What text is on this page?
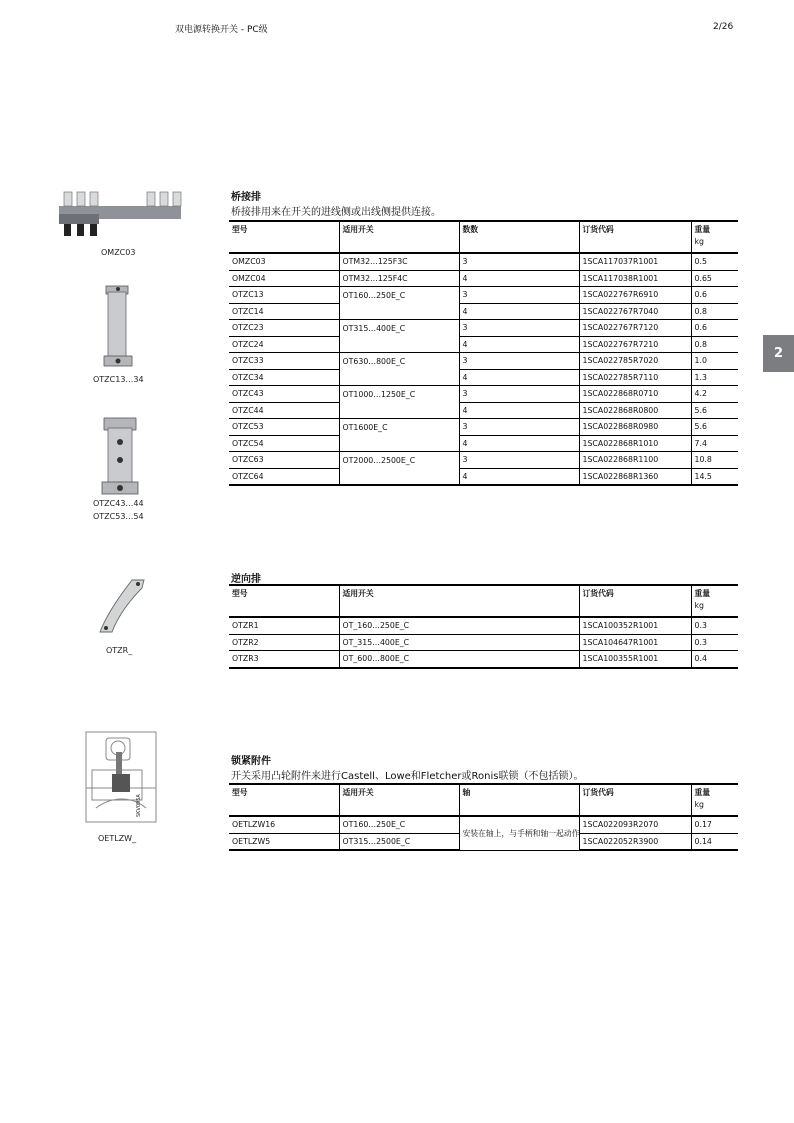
双电源转换开关 - PC级	2/26
2
OMZC03
OTZC13…34
OTZC43…44
OTZC53…54
OTZR_
SKV095A
OETLZW_
桥接排
桥接排用来在开关的进线侧或出线侧提供连接。
型号	适用开关	数数	订货代码	重量
kg

OMZC03	OTM32…125F3C	3	1SCA117037R1001	0.5
OMZC04	OTM32…125F4C	4	1SCA117038R1001	0.65
OTZC13	OT160…250E_C	3	1SCA022767R6910	0.6
OTZC14		4	1SCA022767R7040	0.8
OTZC23	OT315…400E_C	3	1SCA022767R7120	0.6
OTZC24		4	1SCA022767R7210	0.8
OTZC33	OT630…800E_C	3	1SCA022785R7020	1.0
OTZC34		4	1SCA022785R7110	1.3
OTZC43	OT1000…1250E_C	3	1SCA022868R0710	4.2
OTZC44		4	1SCA022868R0800	5.6
OTZC53	OT1600E_C	3	1SCA022868R0980	5.6
OTZC54		4	1SCA022868R1010	7.4
OTZC63	OT2000…2500E_C	3	1SCA022868R1100	10.8
OTZC64		4	1SCA022868R1360	14.5
逆向排
型号	适用开关	订货代码	重量
kg

OTZR1	OT_160…250E_C	1SCA100352R1001	0.3
OTZR2	OT_315…400E_C	1SCA104647R1001	0.3
OTZR3	OT_600…800E_C	1SCA100355R1001	0.4
锁紧附件
开关采用凸轮附件来进行Castell、Lowe和Fletcher或Ronis联锁（不包括锁）。
型号	适用开关	轴	订货代码	重量
kg

OETLZW16	OT160…250E_C	安装在轴上，与手柄和轴一起动作	1SCA022093R2070	0.17
OETLZW5	OT315…2500E_C		1SCA022052R3900	0.14
